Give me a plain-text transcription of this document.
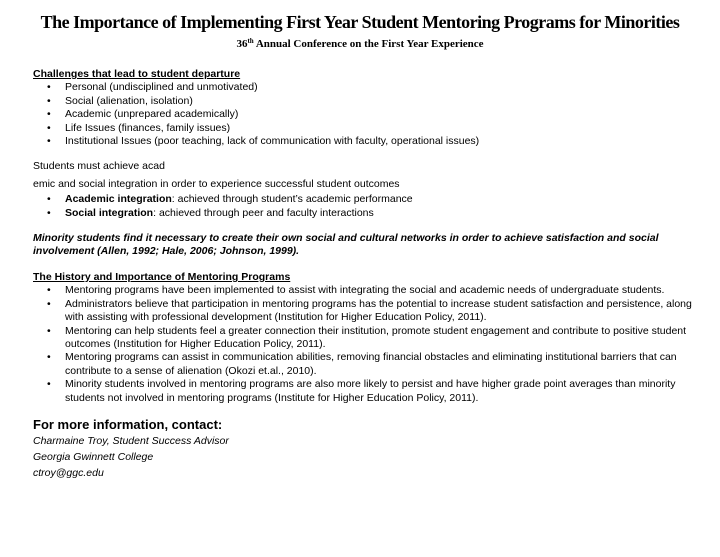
The Importance of Implementing First Year Student Mentoring Programs for Minorities
36th Annual Conference on the First Year Experience

Challenges that lead to student departure

• Personal (undisciplined and unmotivated)
• Social (alienation, isolation)
• Academic (unprepared academically)
• Life Issues (finances, family issues)
• Institutional Issues (poor teaching, lack of communication with faculty, operational issues)

Students must achieve acad

emic and social integration in order to experience successful student outcomes

• Academic integration: achieved through student’s academic performance
• Social integration: achieved through peer and faculty interactions

Minority students find it necessary to create their own social and cultural networks in order to achieve satisfaction and social involvement (Allen, 1992; Hale, 2006; Johnson, 1999).

The History and Importance of Mentoring Programs

• Mentoring programs have been implemented to assist with integrating the social and academic needs of undergraduate students.
• Administrators believe that participation in mentoring programs has the potential to increase student satisfaction and persistence, along with assisting with professional development (Institution for Higher Education Policy, 2011).
• Mentoring can help students feel a greater connection their institution, promote student engagement and contribute to positive student outcomes (Institution for Higher Education Policy, 2011).
• Mentoring programs can assist in communication abilities, removing financial obstacles and eliminating institutional barriers that can contribute to a sense of alienation (Okozi et.al., 2010).
• Minority students involved in mentoring programs are also more likely to persist and have higher grade point averages than minority students not involved in mentoring programs (Institute for Higher Education Policy, 2011).

For more information, contact:

Charmaine Troy, Student Success Advisor

Georgia Gwinnett College

ctroy@ggc.edu
